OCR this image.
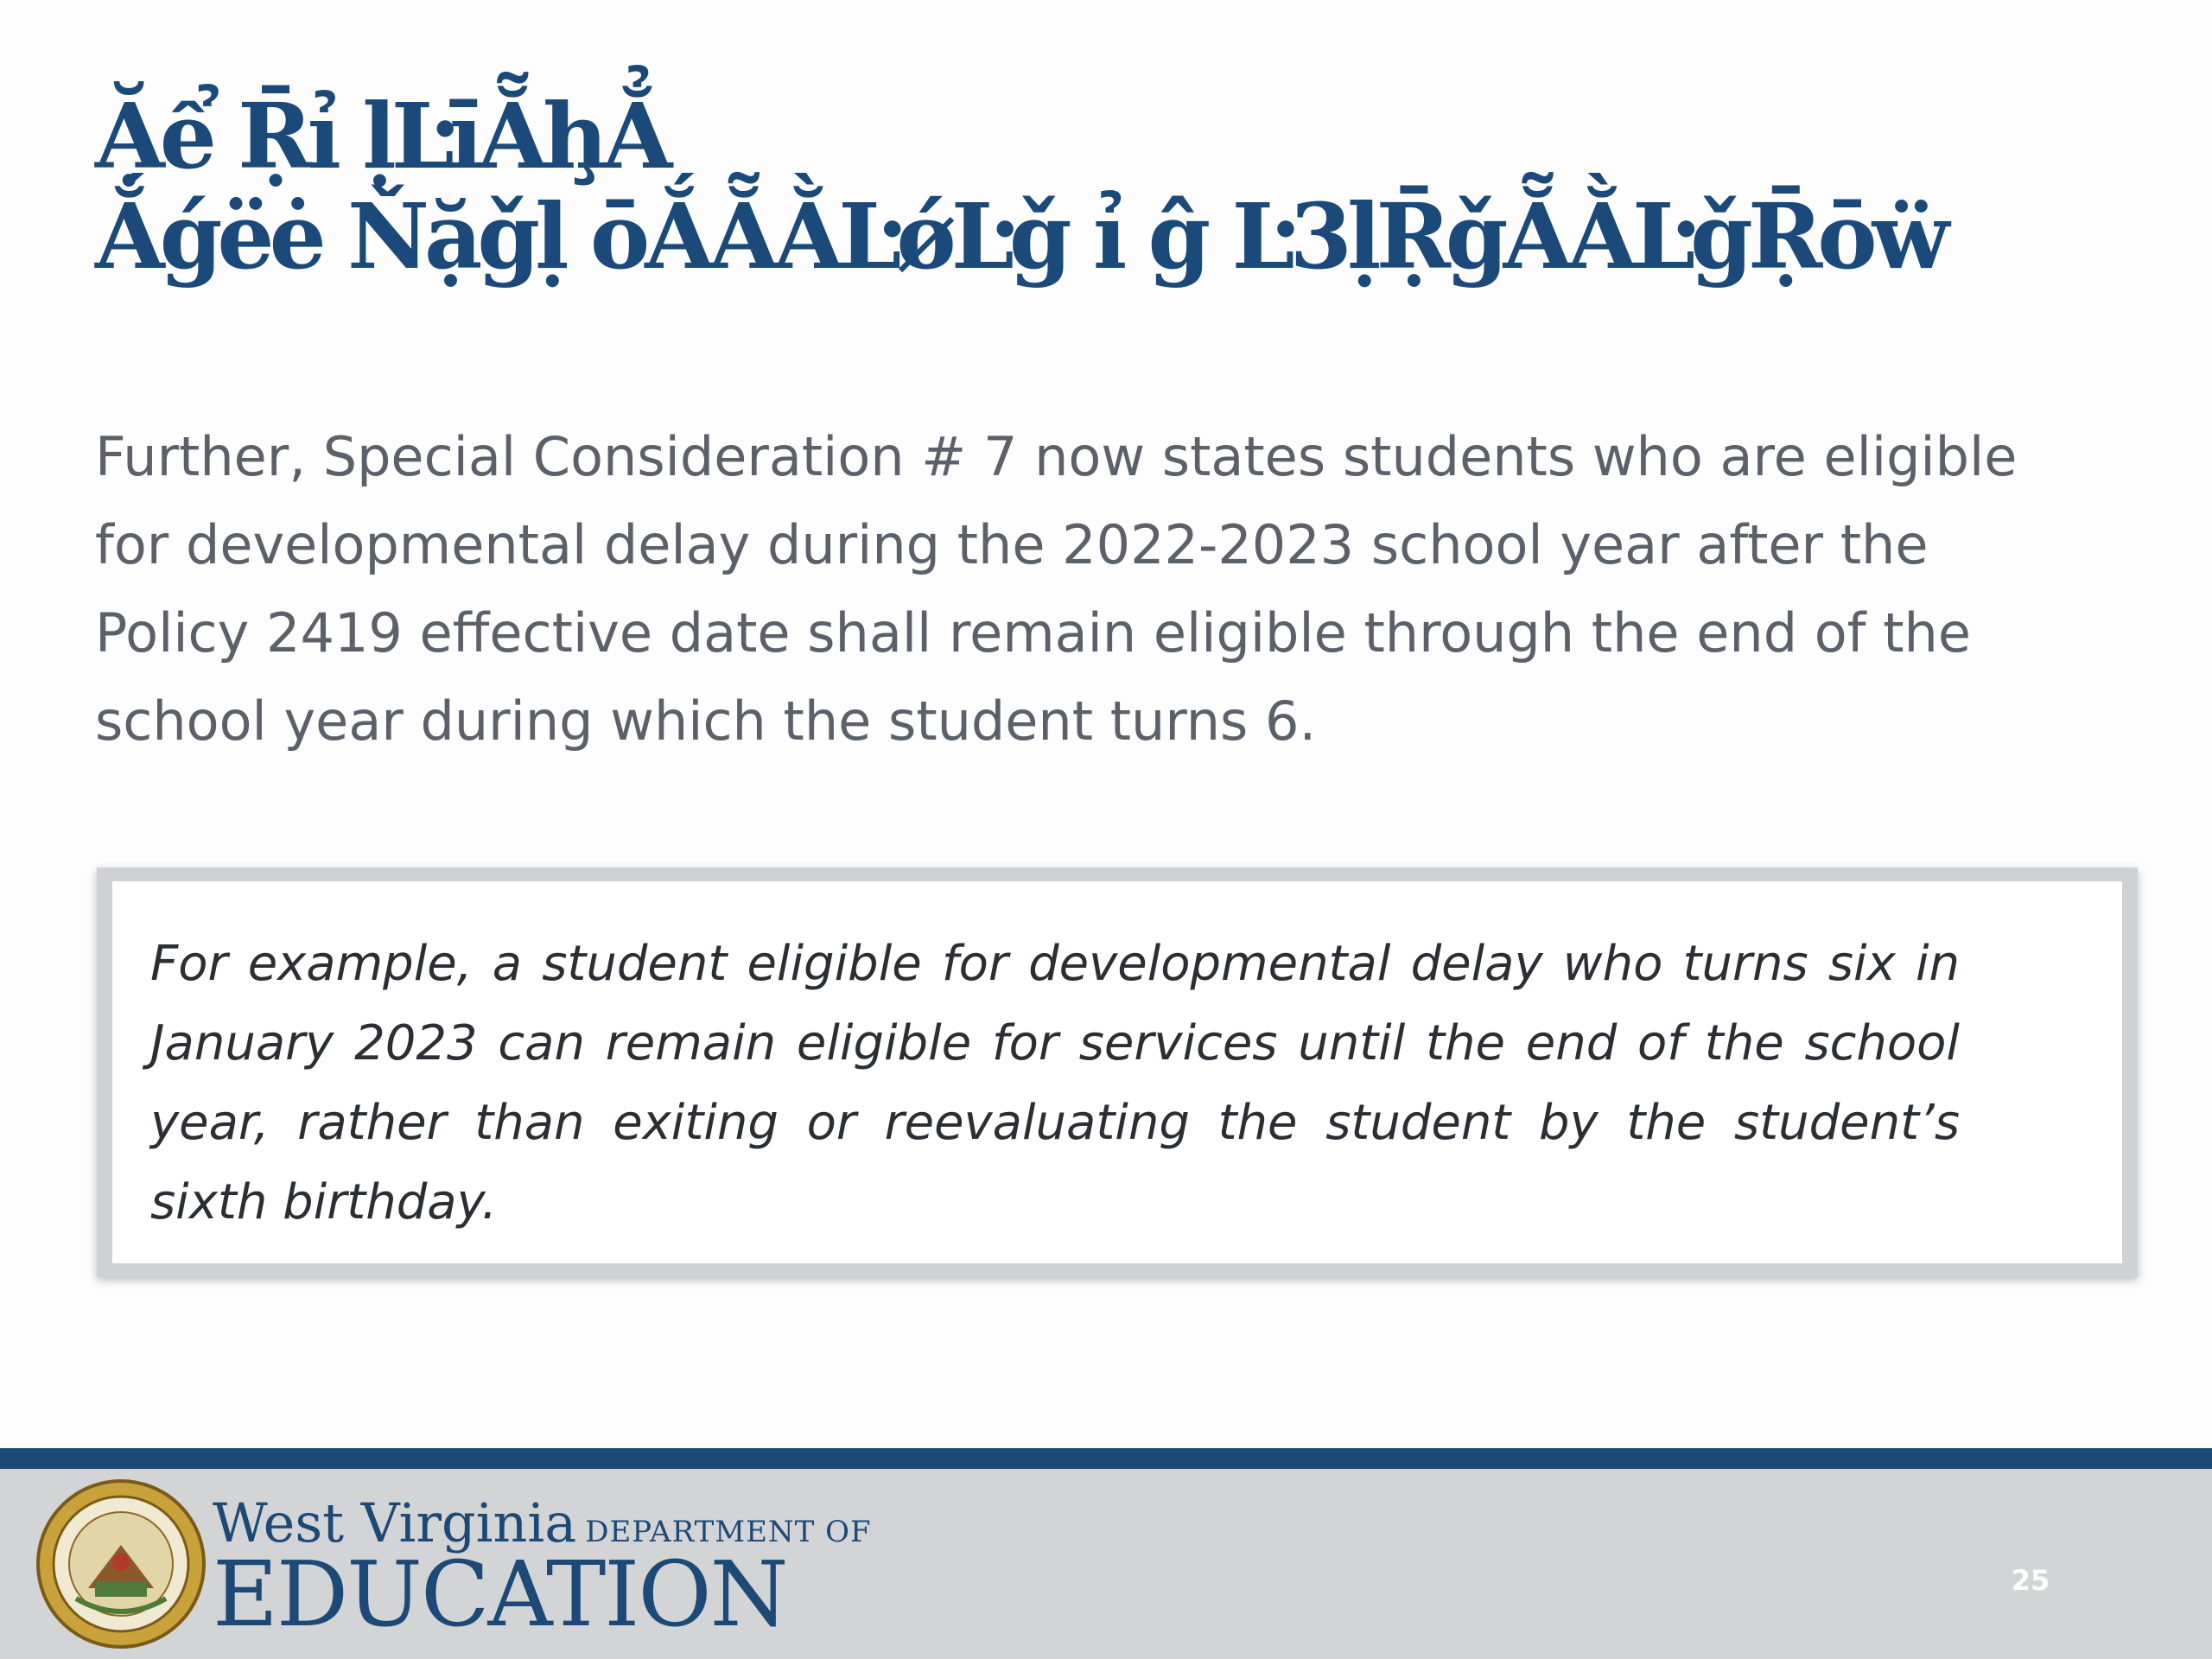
Ặể Ṝỉ ḷĿīẴḩẲ
Ắǵëė Ňặǧḷ ōẮẴẰĿǿĿǧ ỉ ĝ Ŀ3ḷṜǧẴẰĿǧṜōẅ

Further, Special Consideration # 7 now states students who are eligible for developmental delay during the 2022-2023 school year after the Policy 2419 effective date shall remain eligible through the end of the school year during which the student turns 6.

For example, a student eligible for developmental delay who turns six in January 2023 can remain eligible for services until the end of the school year, rather than exiting or reevaluating the student by the student’s sixth birthday.

West Virginia DEPARTMENT OF
EDUCATION	25
